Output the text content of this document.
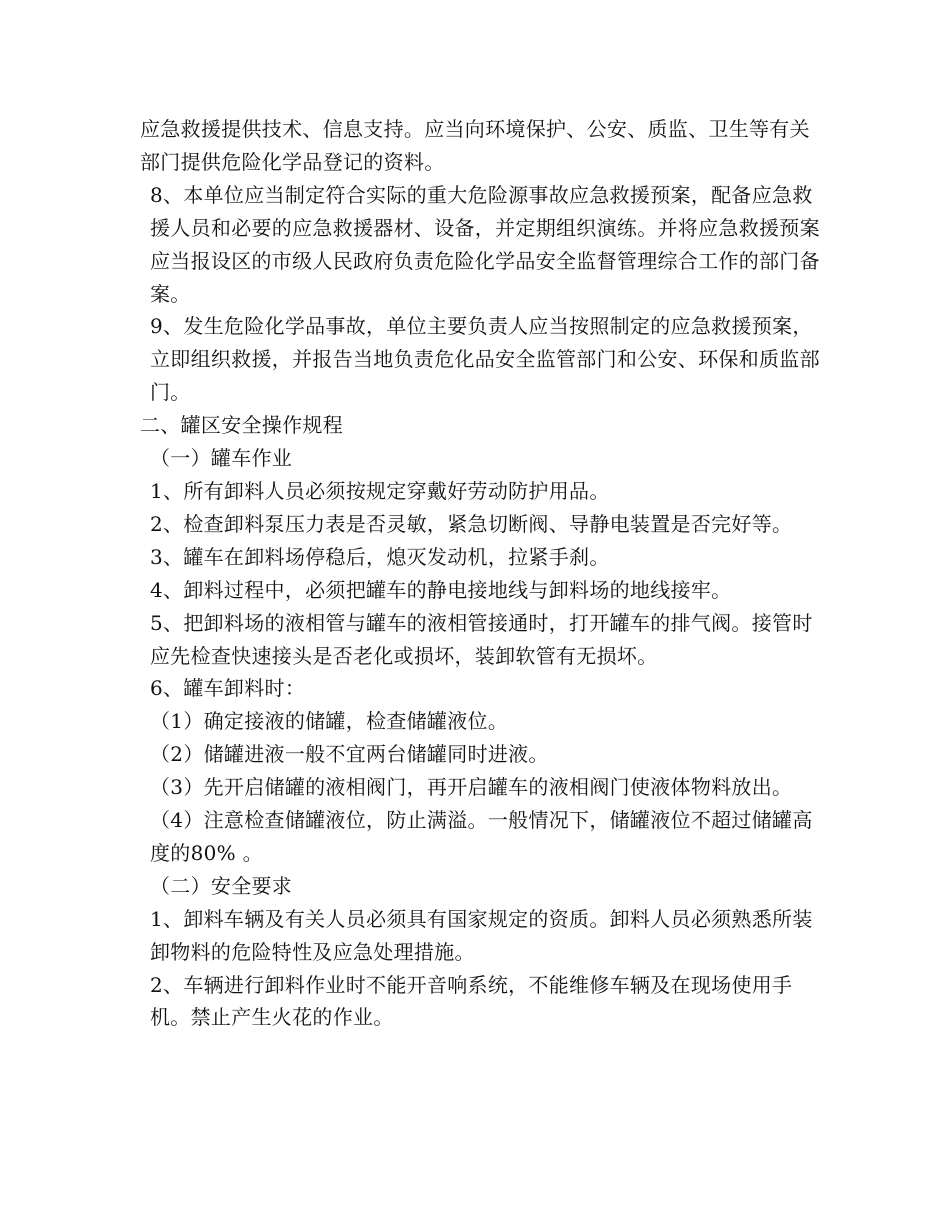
应急救援提供技术、信息支持。应当向环境保护、公安、质监、卫生等有关部门提供危险化学品登记的资料。

8、本单位应当制定符合实际的重大危险源事故应急救援预案，配备应急救援人员和必要的应急救援器材、设备，并定期组织演练。并将应急救援预案应当报设区的市级人民政府负责危险化学品安全监督管理综合工作的部门备案。

9、发生危险化学品事故，单位主要负责人应当按照制定的应急救援预案，立即组织救援，并报告当地负责危化品安全监管部门和公安、环保和质监部门。

二、罐区安全操作规程

（一）罐车作业

1、所有卸料人员必须按规定穿戴好劳动防护用品。

2、检查卸料泵压力表是否灵敏，紧急切断阀、导静电装置是否完好等。

3、罐车在卸料场停稳后，熄灭发动机，拉紧手刹。

4、卸料过程中，必须把罐车的静电接地线与卸料场的地线接牢。

5、把卸料场的液相管与罐车的液相管接通时，打开罐车的排气阀。接管时应先检查快速接头是否老化或损坏，装卸软管有无损坏。

6、罐车卸料时：

（1）确定接液的储罐，检查储罐液位。

（2）储罐进液一般不宜两台储罐同时进液。

（3）先开启储罐的液相阀门，再开启罐车的液相阀门使液体物料放出。

（4）注意检查储罐液位，防止满溢。一般情况下，储罐液位不超过储罐高度的80% 。

（二）安全要求

1、卸料车辆及有关人员必须具有国家规定的资质。卸料人员必须熟悉所装卸物料的危险特性及应急处理措施。

2、车辆进行卸料作业时不能开音响系统，不能维修车辆及在现场使用手机。禁止产生火花的作业。
